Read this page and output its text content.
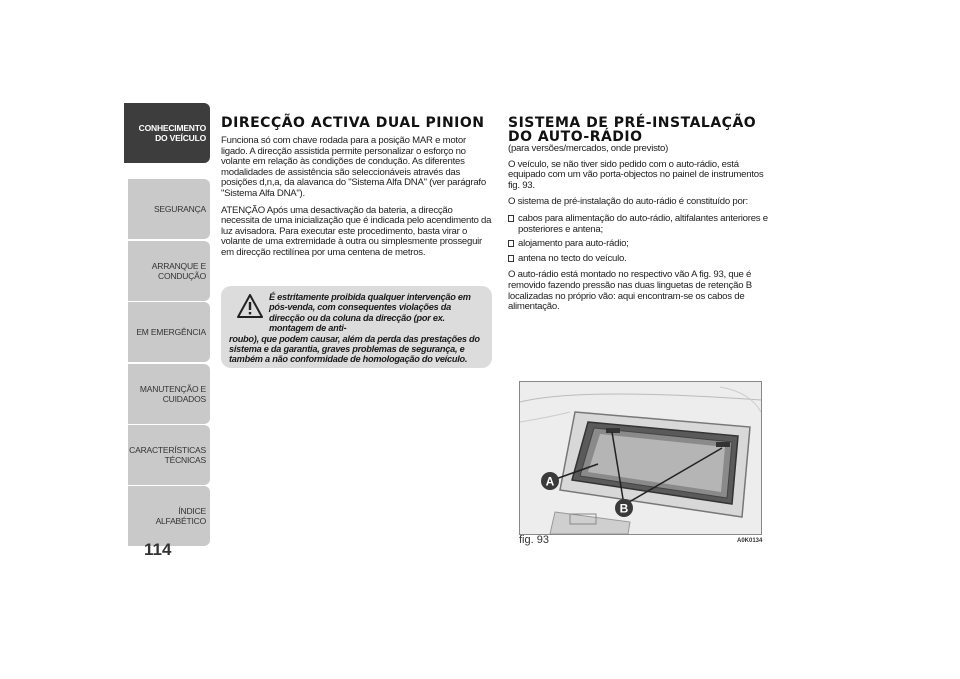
CONHECIMENTO
DO VEÍCULO
SEGURANÇA
ARRANQUE E
CONDUÇÃO
EM EMERGÊNCIA
MANUTENÇÃO E
CUIDADOS
CARACTERÍSTICAS
TÉCNICAS
ÍNDICE ALFABÉTICO
114
DIRECÇÃO ACTIVA DUAL PINION

Funciona só com chave rodada para a posição MAR e motor ligado. A direcção assistida permite personalizar o esforço no volante em relação às condições de condução. As diferentes modalidades de assistência são seleccionáveis através das posições d,n,a, da alavanca do "Sistema Alfa DNA" (ver parágrafo "Sistema Alfa DNA").

ATENÇÃO Após uma desactivação da bateria, a direcção necessita de uma inicialização que é indicada pelo acendimento da luz avisadora. Para executar este procedimento, basta virar o volante de uma extremidade à outra ou simplesmente prosseguir em direcção rectilínea por uma centena de metros.

É estritamente proibida qualquer intervenção em pós-venda, com consequentes violações da direcção ou da coluna da direcção (por ex. montagem de anti-
roubo), que podem causar, além da perda das prestações do sistema e da garantia, graves problemas de segurança, e também a não conformidade de homologação do veículo.
SISTEMA DE PRÉ-INSTALAÇÃO
DO AUTO-RÁDIO

(para versões/mercados, onde previsto)

O veículo, se não tiver sido pedido com o auto-rádio, está equipado com um vão porta-objectos no painel de instrumentos fig. 93.

O sistema de pré-instalação do auto-rádio é constituído por:

cabos para alimentação do auto-rádio, altifalantes anteriores e posteriores e antena;
alojamento para auto-rádio;
antena no tecto do veículo.

O auto-rádio está montado no respectivo vão A fig. 93, que é removido fazendo pressão nas duas linguetas de retenção B localizadas no próprio vão: aqui encontram-se os cabos de alimentação.

A
B
fig. 93	A0K0134
